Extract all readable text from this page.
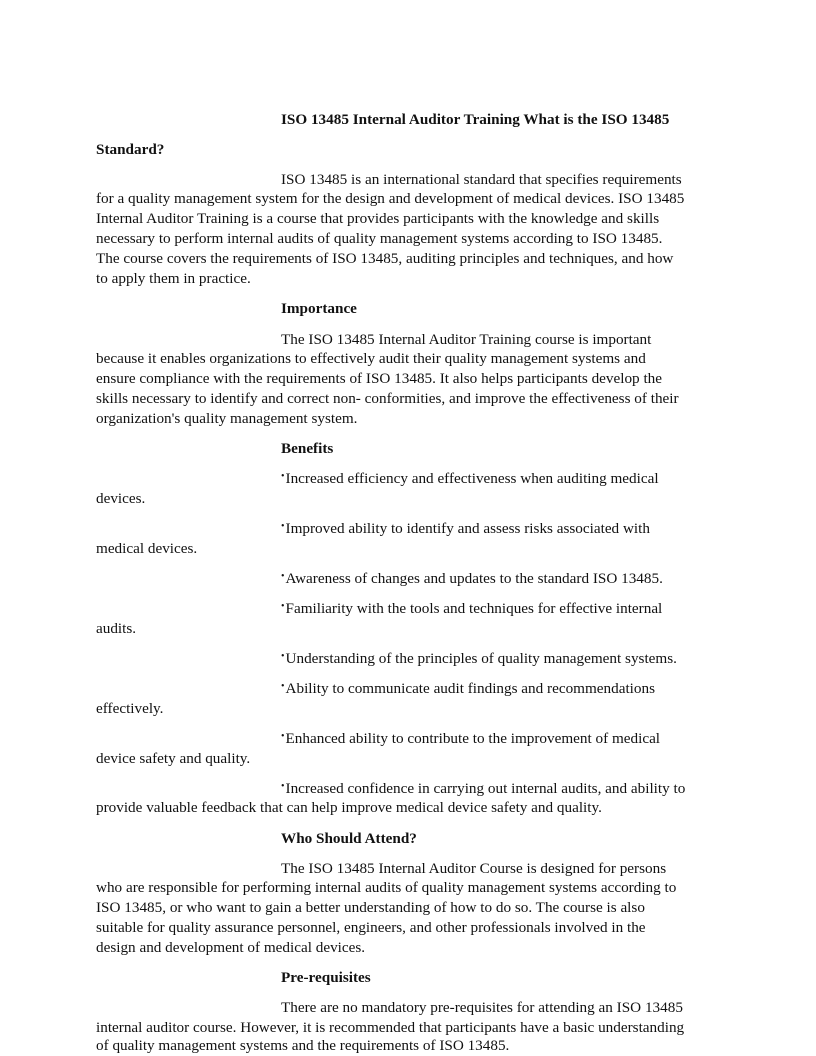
ISO 13485 Internal Auditor Training What is the ISO 13485
Standard?
ISO 13485 is an international standard that specifies requirements
for a quality management system for the design and development of medical devices. ISO 13485
Internal Auditor Training is a course that provides participants with the knowledge and skills
necessary to perform internal audits of quality management systems according to ISO 13485.
The course covers the requirements of ISO 13485, auditing principles and techniques, and how
to apply them in practice.
Importance
The ISO 13485 Internal Auditor Training course is important
because it enables organizations to effectively audit their quality management systems and
ensure compliance with the requirements of ISO 13485. It also helps participants develop the
skills necessary to identify and correct non- conformities, and improve the effectiveness of their
organization's quality management system.
Benefits
•Increased efficiency and effectiveness when auditing medical
devices.
•Improved ability to identify and assess risks associated with
medical devices.
•Awareness of changes and updates to the standard ISO 13485.
•Familiarity with the tools and techniques for effective internal
audits.
•Understanding of the principles of quality management systems.
•Ability to communicate audit findings and recommendations
effectively.
•Enhanced ability to contribute to the improvement of medical
device safety and quality.
•Increased confidence in carrying out internal audits, and ability to
provide valuable feedback that can help improve medical device safety and quality.
Who Should Attend?
The ISO 13485 Internal Auditor Course is designed for persons
who are responsible for performing internal audits of quality management systems according to
ISO 13485, or who want to gain a better understanding of how to do so. The course is also
suitable for quality assurance personnel, engineers, and other professionals involved in the
design and development of medical devices.
Pre-requisites
There are no mandatory pre-requisites for attending an ISO 13485
internal auditor course. However, it is recommended that participants have a basic understanding
of quality management systems and the requirements of ISO 13485.
